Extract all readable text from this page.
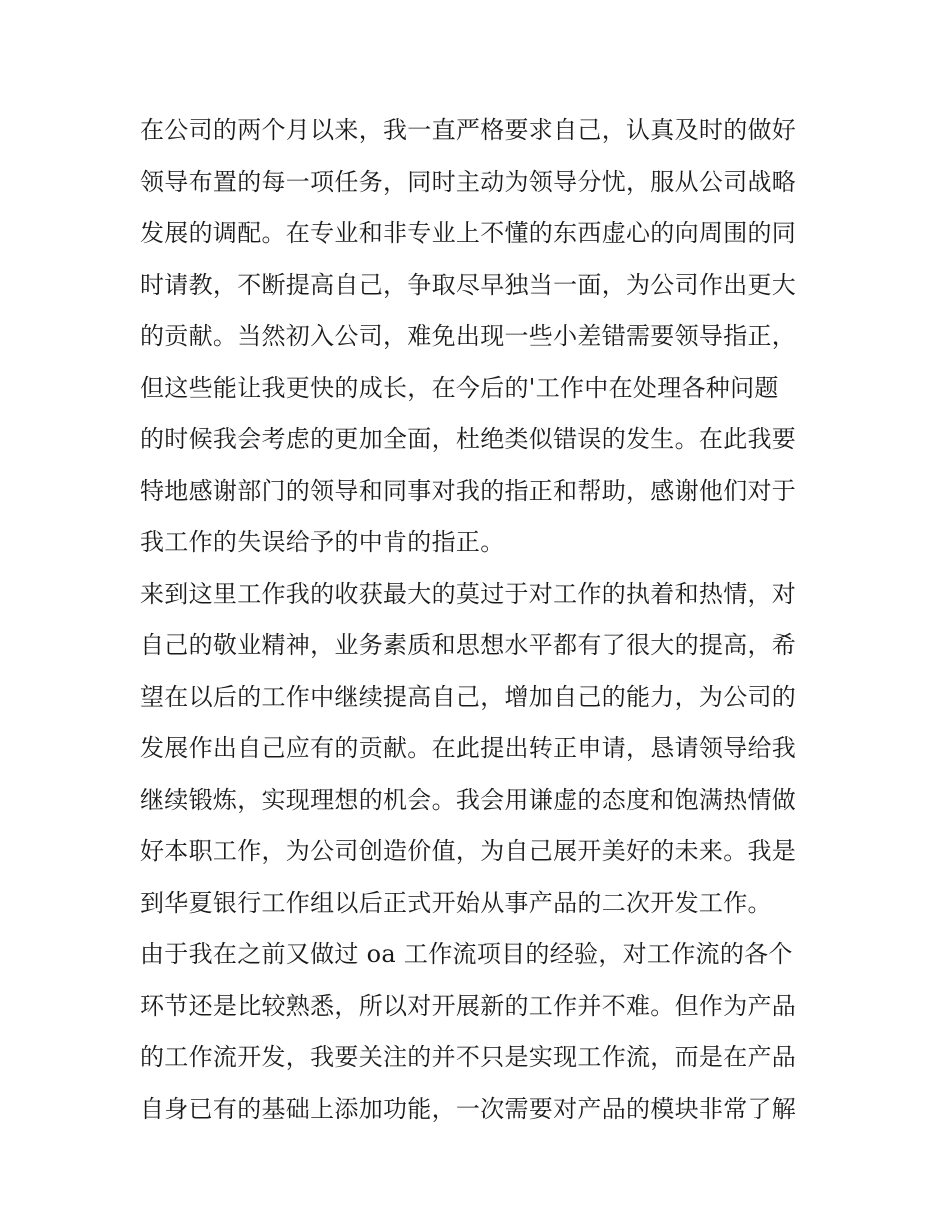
在公司的两个月以来，我一直严格要求自己，认真及时的做好
领导布置的每一项任务，同时主动为领导分忧，服从公司战略
发展的调配。在专业和非专业上不懂的东西虚心的向周围的同
时请教，不断提高自己，争取尽早独当一面，为公司作出更大
的贡献。当然初入公司，难免出现一些小差错需要领导指正，
但这些能让我更快的成长，在今后的'工作中在处理各种问题
的时候我会考虑的更加全面，杜绝类似错误的发生。在此我要
特地感谢部门的领导和同事对我的指正和帮助，感谢他们对于
我工作的失误给予的中肯的指正。
来到这里工作我的收获最大的莫过于对工作的执着和热情，对
自己的敬业精神，业务素质和思想水平都有了很大的提高，希
望在以后的工作中继续提高自己，增加自己的能力，为公司的
发展作出自己应有的贡献。在此提出转正申请，恳请领导给我
继续锻炼，实现理想的机会。我会用谦虚的态度和饱满热情做
好本职工作，为公司创造价值，为自己展开美好的未来。我是
到华夏银行工作组以后正式开始从事产品的二次开发工作。
由于我在之前又做过 oa 工作流项目的经验，对工作流的各个
环节还是比较熟悉，所以对开展新的工作并不难。但作为产品
的工作流开发，我要关注的并不只是实现工作流，而是在产品
自身已有的基础上添加功能，一次需要对产品的模块非常了解
